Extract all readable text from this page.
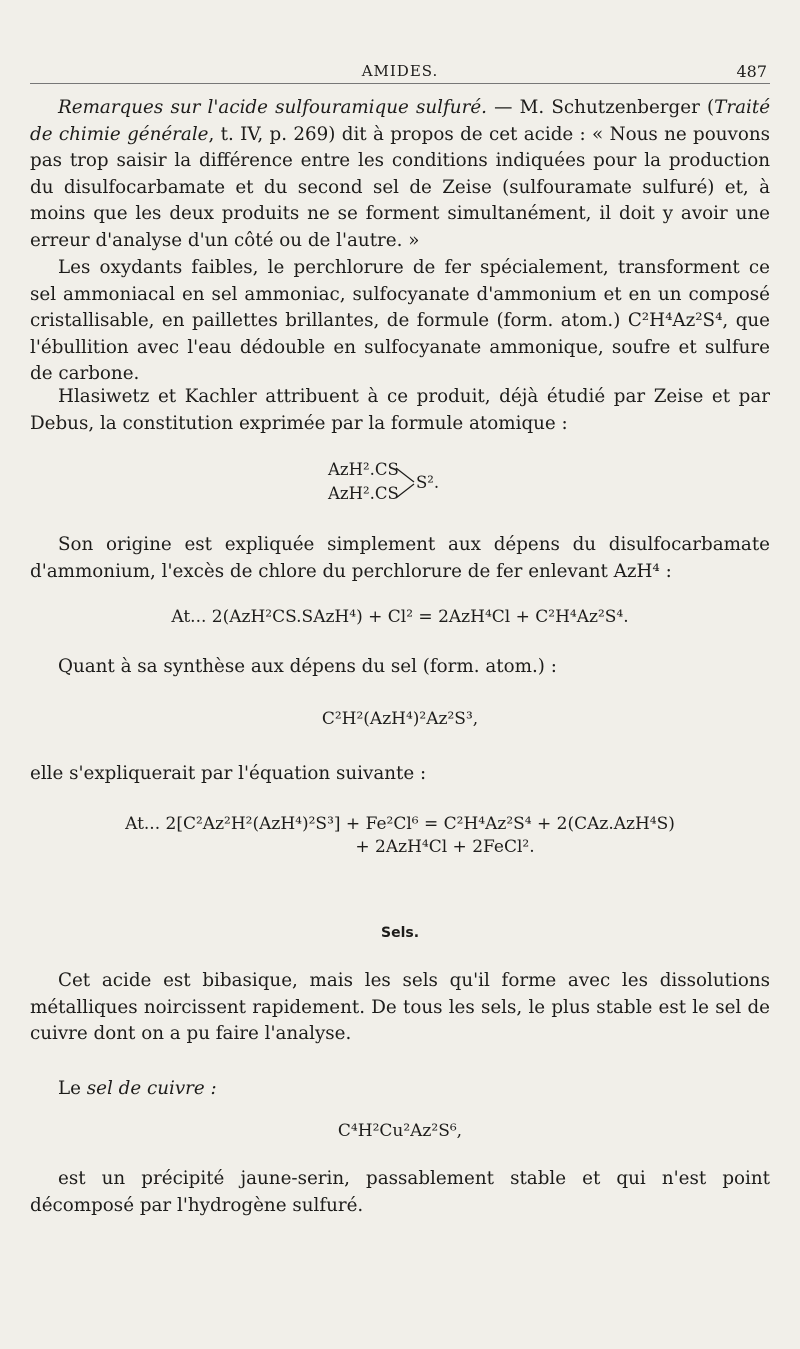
AMIDES.	487

Remarques sur l'acide sulfouramique sulfuré. — M. Schutzenberger (Traité de chimie générale, t. IV, p. 269) dit à propos de cet acide : « Nous ne pouvons pas trop saisir la différence entre les conditions indiquées pour la production du disulfocarbamate et du second sel de Zeise (sulfouramate sulfuré) et, à moins que les deux produits ne se forment simultanément, il doit y avoir une erreur d'analyse d'un côté ou de l'autre. »

Les oxydants faibles, le perchlorure de fer spécialement, transforment ce sel ammoniacal en sel ammoniac, sulfocyanate d'ammonium et en un composé cristallisable, en paillettes brillantes, de formule (form. atom.) C²H⁴Az²S⁴, que l'ébullition avec l'eau dédouble en sulfocyanate ammonique, soufre et sulfure de carbone.

Hlasiwetz et Kachler attribuent à ce produit, déjà étudié par Zeise et par Debus, la constitution exprimée par la formule atomique :

AzH².CS
AzH².CS
S².

Son origine est expliquée simplement aux dépens du disulfocarbamate d'ammonium, l'excès de chlore du perchlorure de fer enlevant AzH⁴ :

At... 2(AzH²CS.SAzH⁴) + Cl² = 2AzH⁴Cl + C²H⁴Az²S⁴.

Quant à sa synthèse aux dépens du sel (form. atom.) :

C²H²(AzH⁴)²Az²S³,

elle s'expliquerait par l'équation suivante :

At... 2[C²Az²H²(AzH⁴)²S³] + Fe²Cl⁶ = C²H⁴Az²S⁴ + 2(CAz.AzH⁴S)

+ 2AzH⁴Cl + 2FeCl².

Sels.

Cet acide est bibasique, mais les sels qu'il forme avec les dissolutions métalliques noircissent rapidement. De tous les sels, le plus stable est le sel de cuivre dont on a pu faire l'analyse.

Le sel de cuivre :

C⁴H²Cu²Az²S⁶,

est un précipité jaune-serin, passablement stable et qui n'est point décomposé par l'hydrogène sulfuré.
